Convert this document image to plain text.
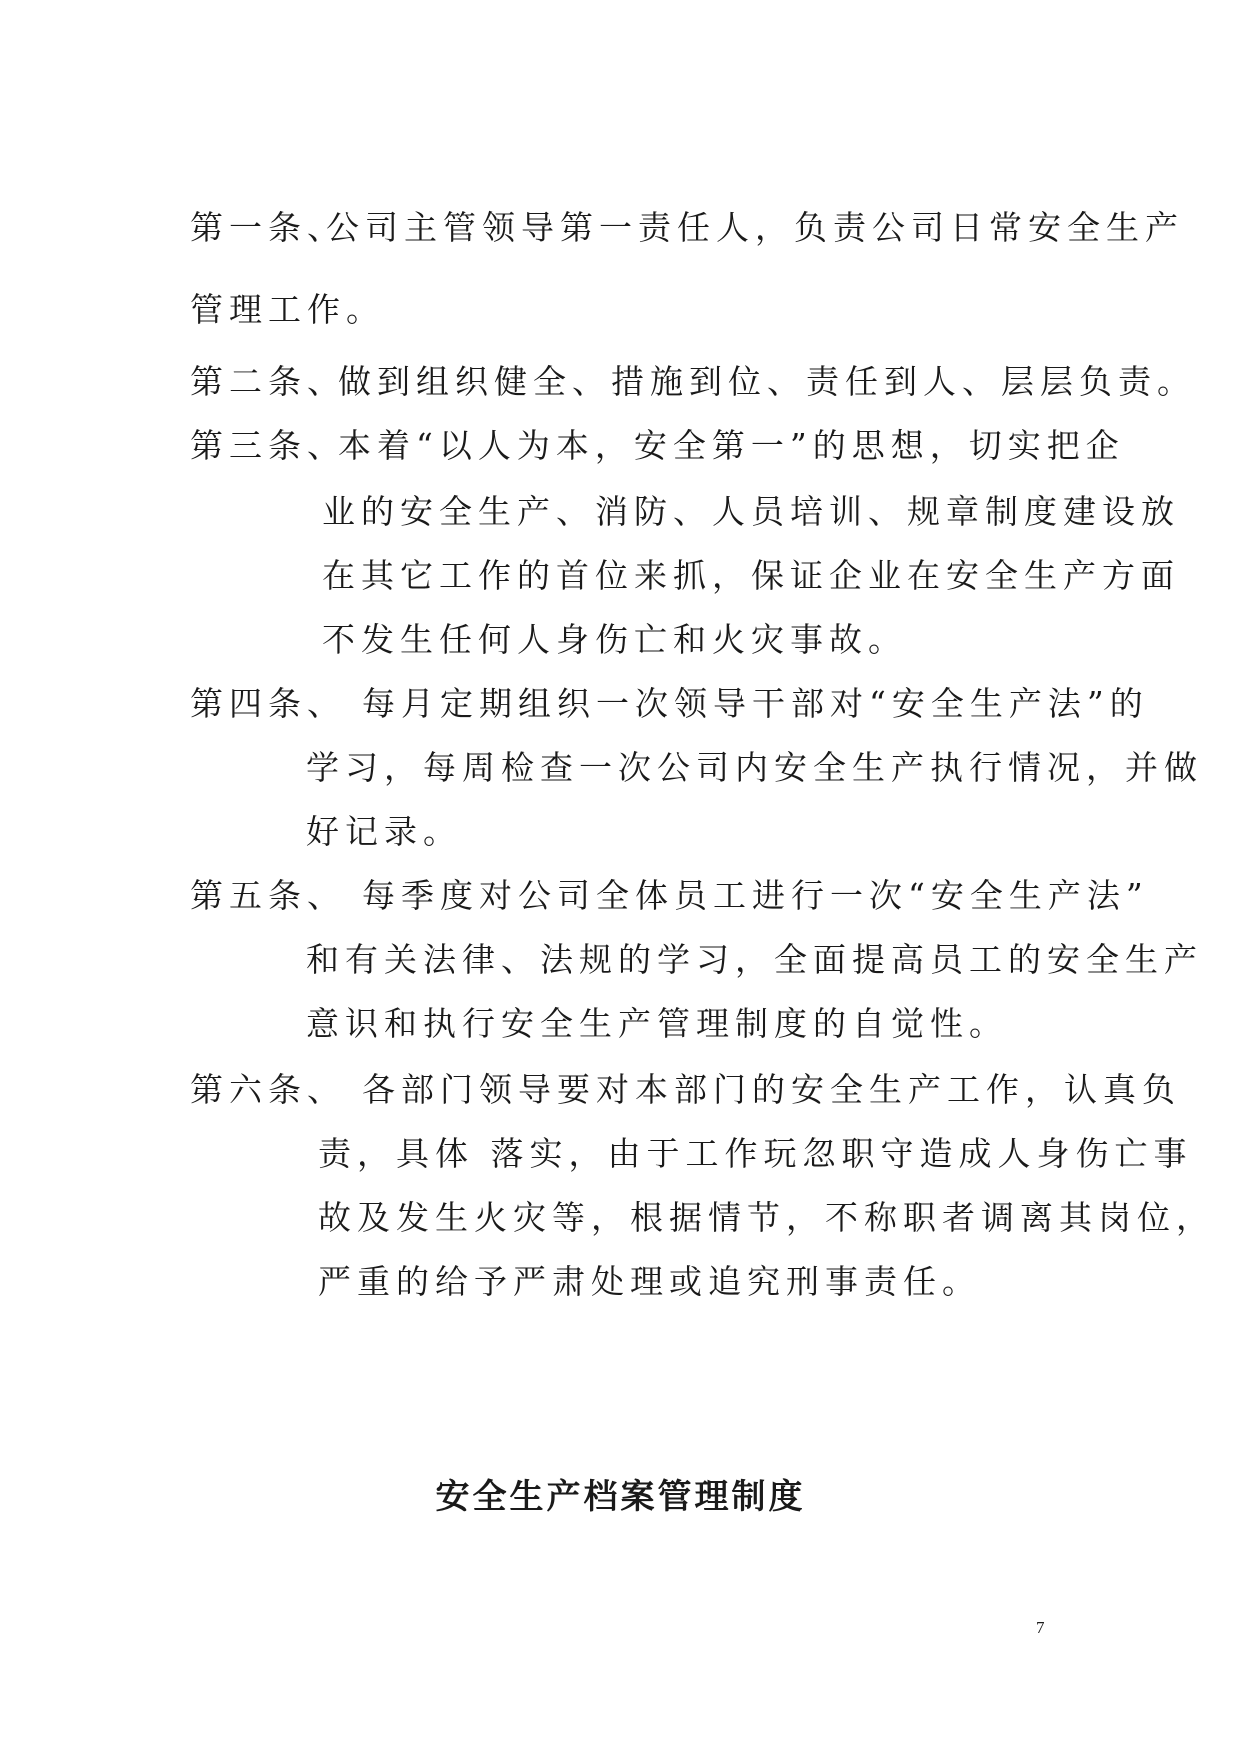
第一条、
公司主管领导第一责任人，负责公司日常安全生产
管理工作。
第二条、
做到组织健全、措施到位、责任到人、层层负责。
第三条、
本着“以人为本，安全第一”的思想，切实把企
业的安全生产、消防、人员培训、规章制度建设放
在其它工作的首位来抓，保证企业在安全生产方面
不发生任何人身伤亡和火灾事故。
第四条、 每月定期组织一次领导干部对“安全生产法”的
学习，每周检查一次公司内安全生产执行情况，并做
好记录。
第五条、 每季度对公司全体员工进行一次“安全生产法”
和有关法律、法规的学习，全面提高员工的安全生产
意识和执行安全生产管理制度的自觉性。
第六条、 各部门领导要对本部门的安全生产工作，认真负
责，具体 落实，由于工作玩忽职守造成人身伤亡事
故及发生火灾等，根据情节，不称职者调离其岗位，
严重的给予严肃处理或追究刑事责任。
安全生产档案管理制度
7
